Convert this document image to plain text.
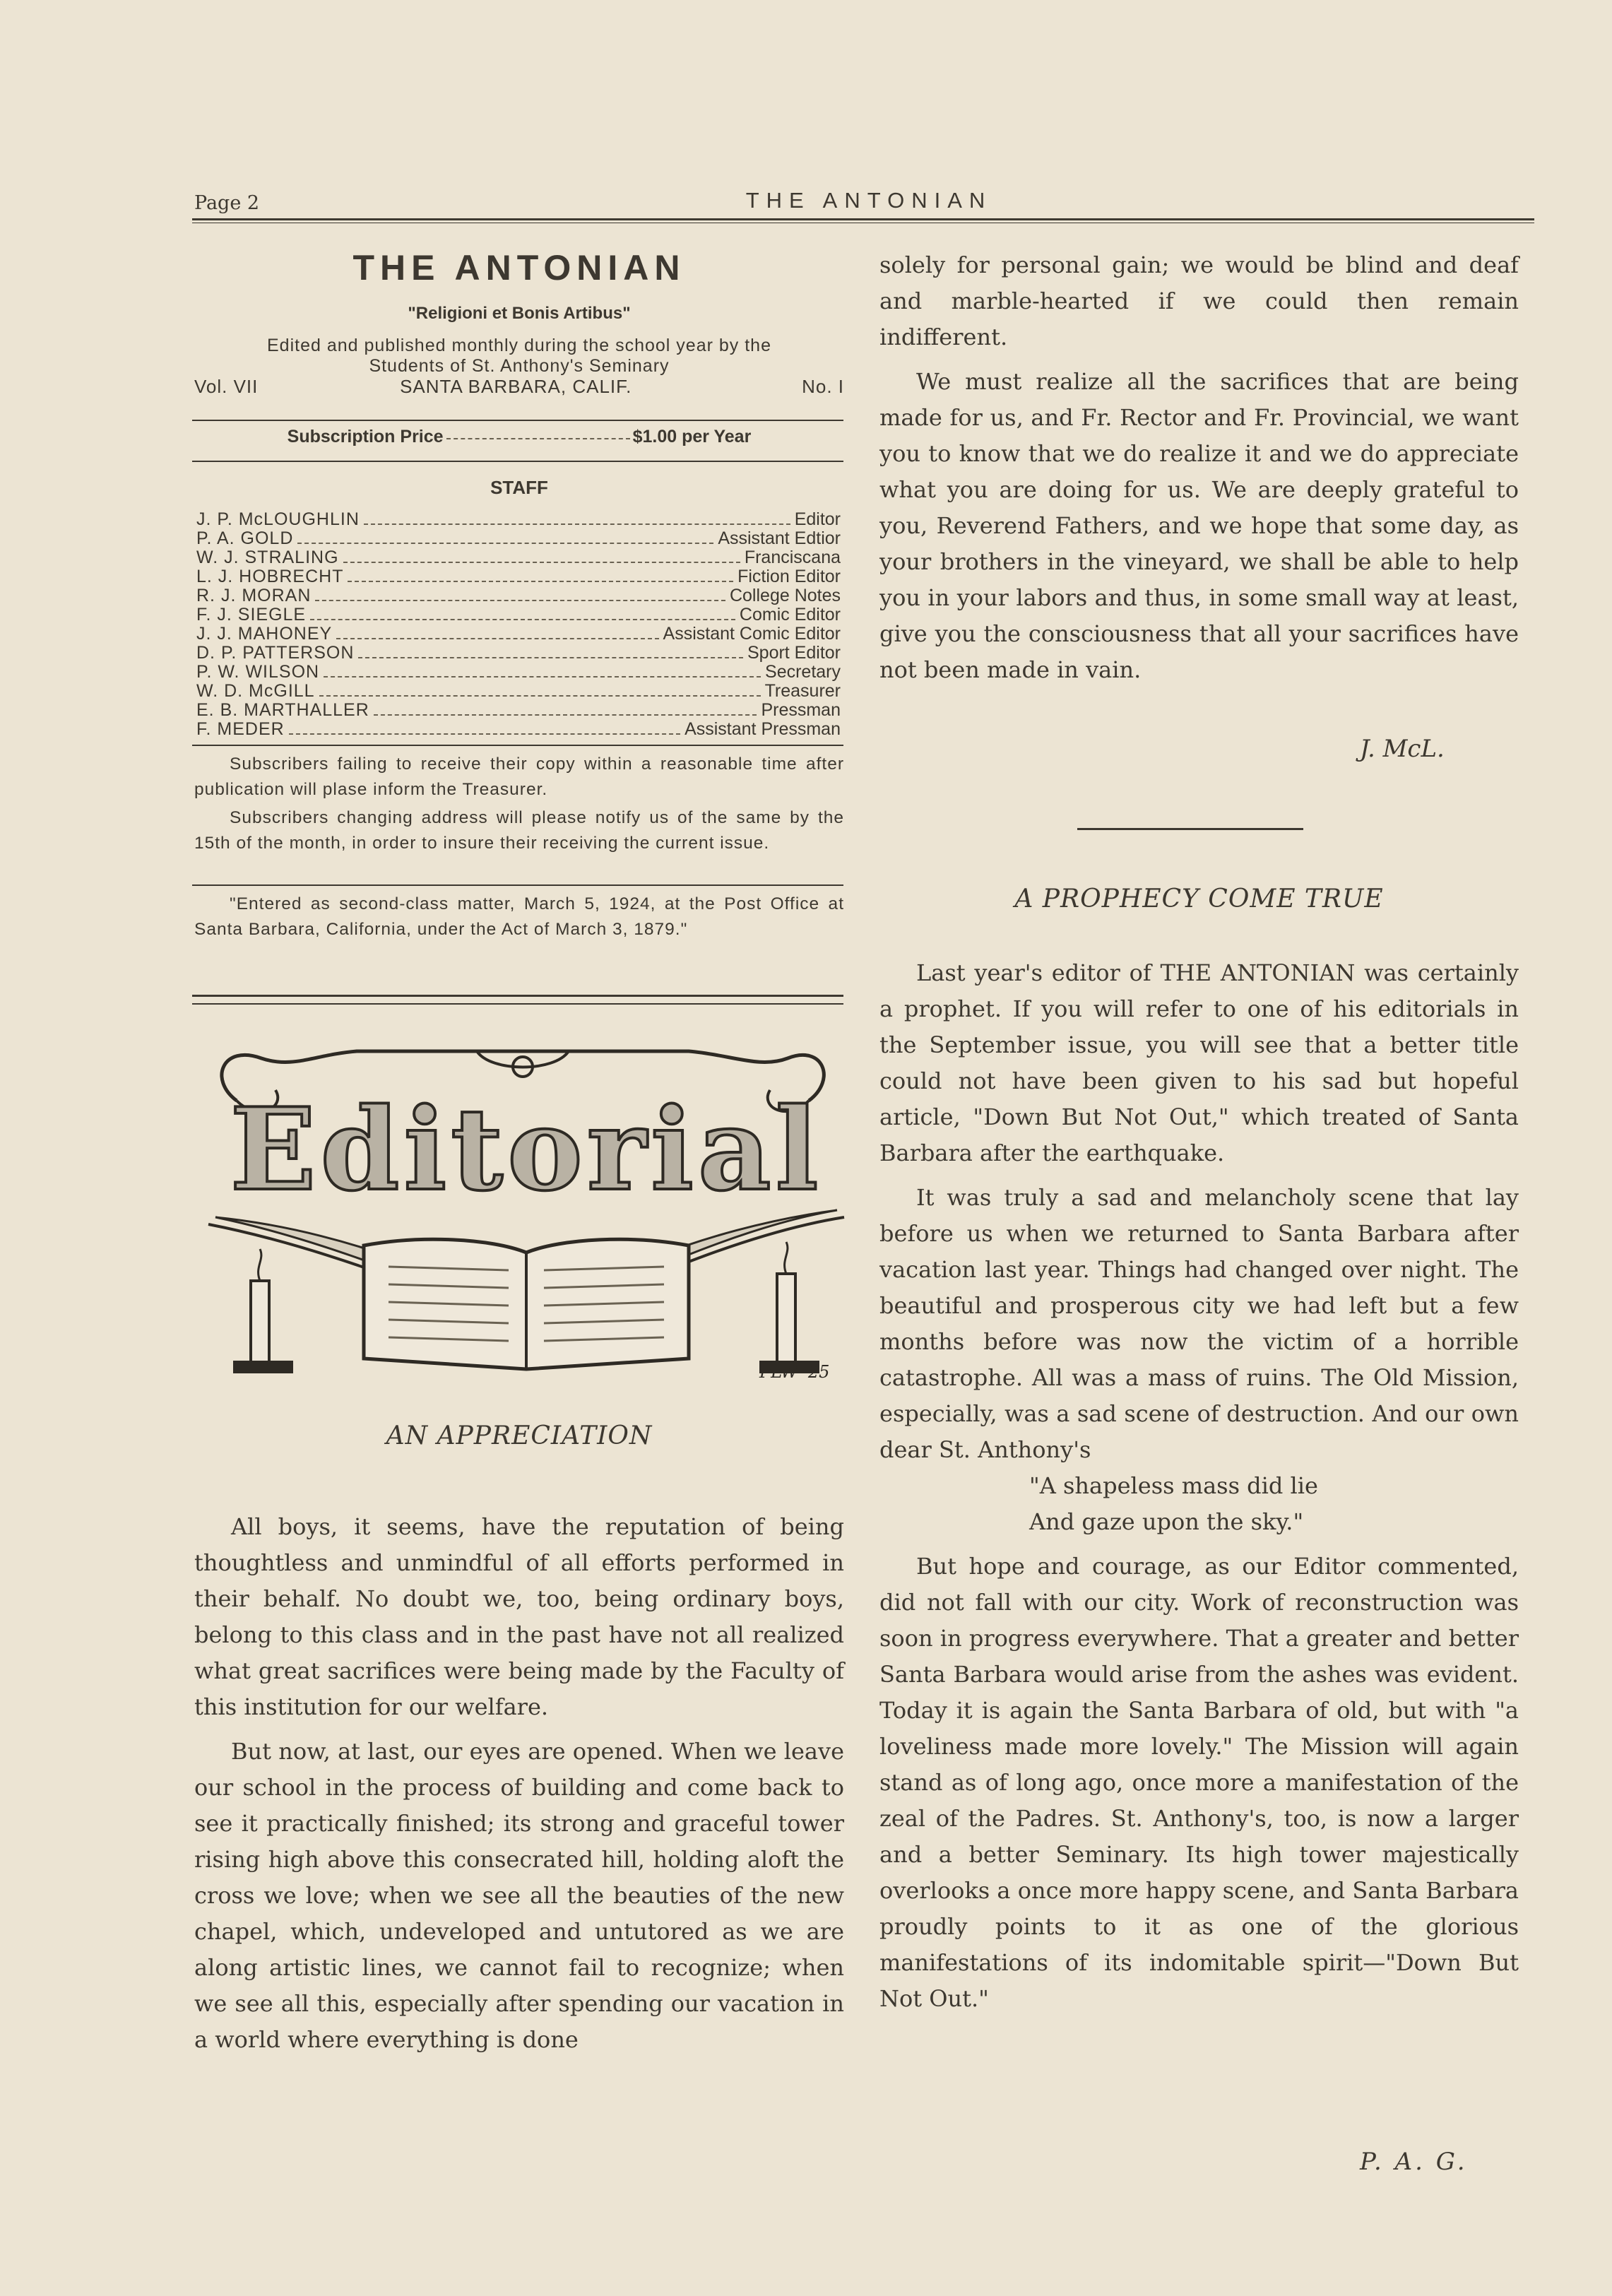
Page 2	THE ANTONIAN
THE ANTONIAN
"Religioni et Bonis Artibus"
Edited and published monthly during the school year by the
Students of St. Anthony's Seminary
Vol. VII	SANTA BARBARA, CALIF.	No. I
Subscription Price	$1.00 per Year
STAFF
J. P. McLOUGHLIN	Editor
P. A. GOLD	Assistant Edtior
W. J. STRALING	Franciscana
L. J. HOBRECHT	Fiction Editor
R. J. MORAN	College Notes
F. J. SIEGLE	Comic Editor
J. J. MAHONEY	Assistant Comic Editor
D. P. PATTERSON	Sport Editor
P. W. WILSON	Secretary
W. D. McGILL	Treasurer
E. B. MARTHALLER	Pressman
F. MEDER	Assistant Pressman

Subscribers failing to receive their copy within a reasonable time after publication will plase inform the Treasurer.

Subscribers changing address will please notify us of the same by the 15th of the month, in order to insure their receiving the current issue.

"Entered as second-class matter, March 5, 1924, at the Post Office at Santa Barbara, California, under the Act of March 3, 1879."

Editorial
PLW '25
AN APPRECIATION

All boys, it seems, have the reputation of being thoughtless and unmindful of all efforts performed in their behalf. No doubt we, too, being ordinary boys, belong to this class and in the past have not all realized what great sacrifices were being made by the Faculty of this institution for our welfare.

But now, at last, our eyes are opened. When we leave our school in the process of building and come back to see it practically finished; its strong and graceful tower rising high above this consecrated hill, holding aloft the cross we love; when we see all the beauties of the new chapel, which, undeveloped and untutored as we are along artistic lines, we cannot fail to recognize; when we see all this, especially after spending our vacation in a world where everything is done

solely for personal gain; we would be blind and deaf and marble-hearted if we could then remain indifferent.

We must realize all the sacrifices that are being made for us, and Fr. Rector and Fr. Provincial, we want you to know that we do realize it and we do appreciate what you are doing for us. We are deeply grateful to you, Reverend Fathers, and we hope that some day, as your brothers in the vineyard, we shall be able to help you in your labors and thus, in some small way at least, give you the consciousness that all your sacrifices have not been made in vain.

J. McL.
A PROPHECY COME TRUE

Last year's editor of THE ANTONIAN was certainly a prophet. If you will refer to one of his editorials in the September issue, you will see that a better title could not have been given to his sad but hopeful article, "Down But Not Out," which treated of Santa Barbara after the earthquake.

It was truly a sad and melancholy scene that lay before us when we returned to Santa Barbara after vacation last year. Things had changed over night. The beautiful and prosperous city we had left but a few months before was now the victim of a horrible catastrophe. All was a mass of ruins. The Old Mission, especially, was a sad scene of destruction. And our own dear St. Anthony's

"A shapeless mass did lie

And gaze upon the sky."

But hope and courage, as our Editor commented, did not fall with our city. Work of reconstruction was soon in progress everywhere. That a greater and better Santa Barbara would arise from the ashes was evident. Today it is again the Santa Barbara of old, but with "a loveliness made more lovely." The Mission will again stand as of long ago, once more a manifestation of the zeal of the Padres. St. Anthony's, too, is now a larger and a better Seminary. Its high tower majestically overlooks a once more happy scene, and Santa Barbara proudly points to it as one of the glorious manifestations of its indomitable spirit—"Down But Not Out."

P. A. G.
